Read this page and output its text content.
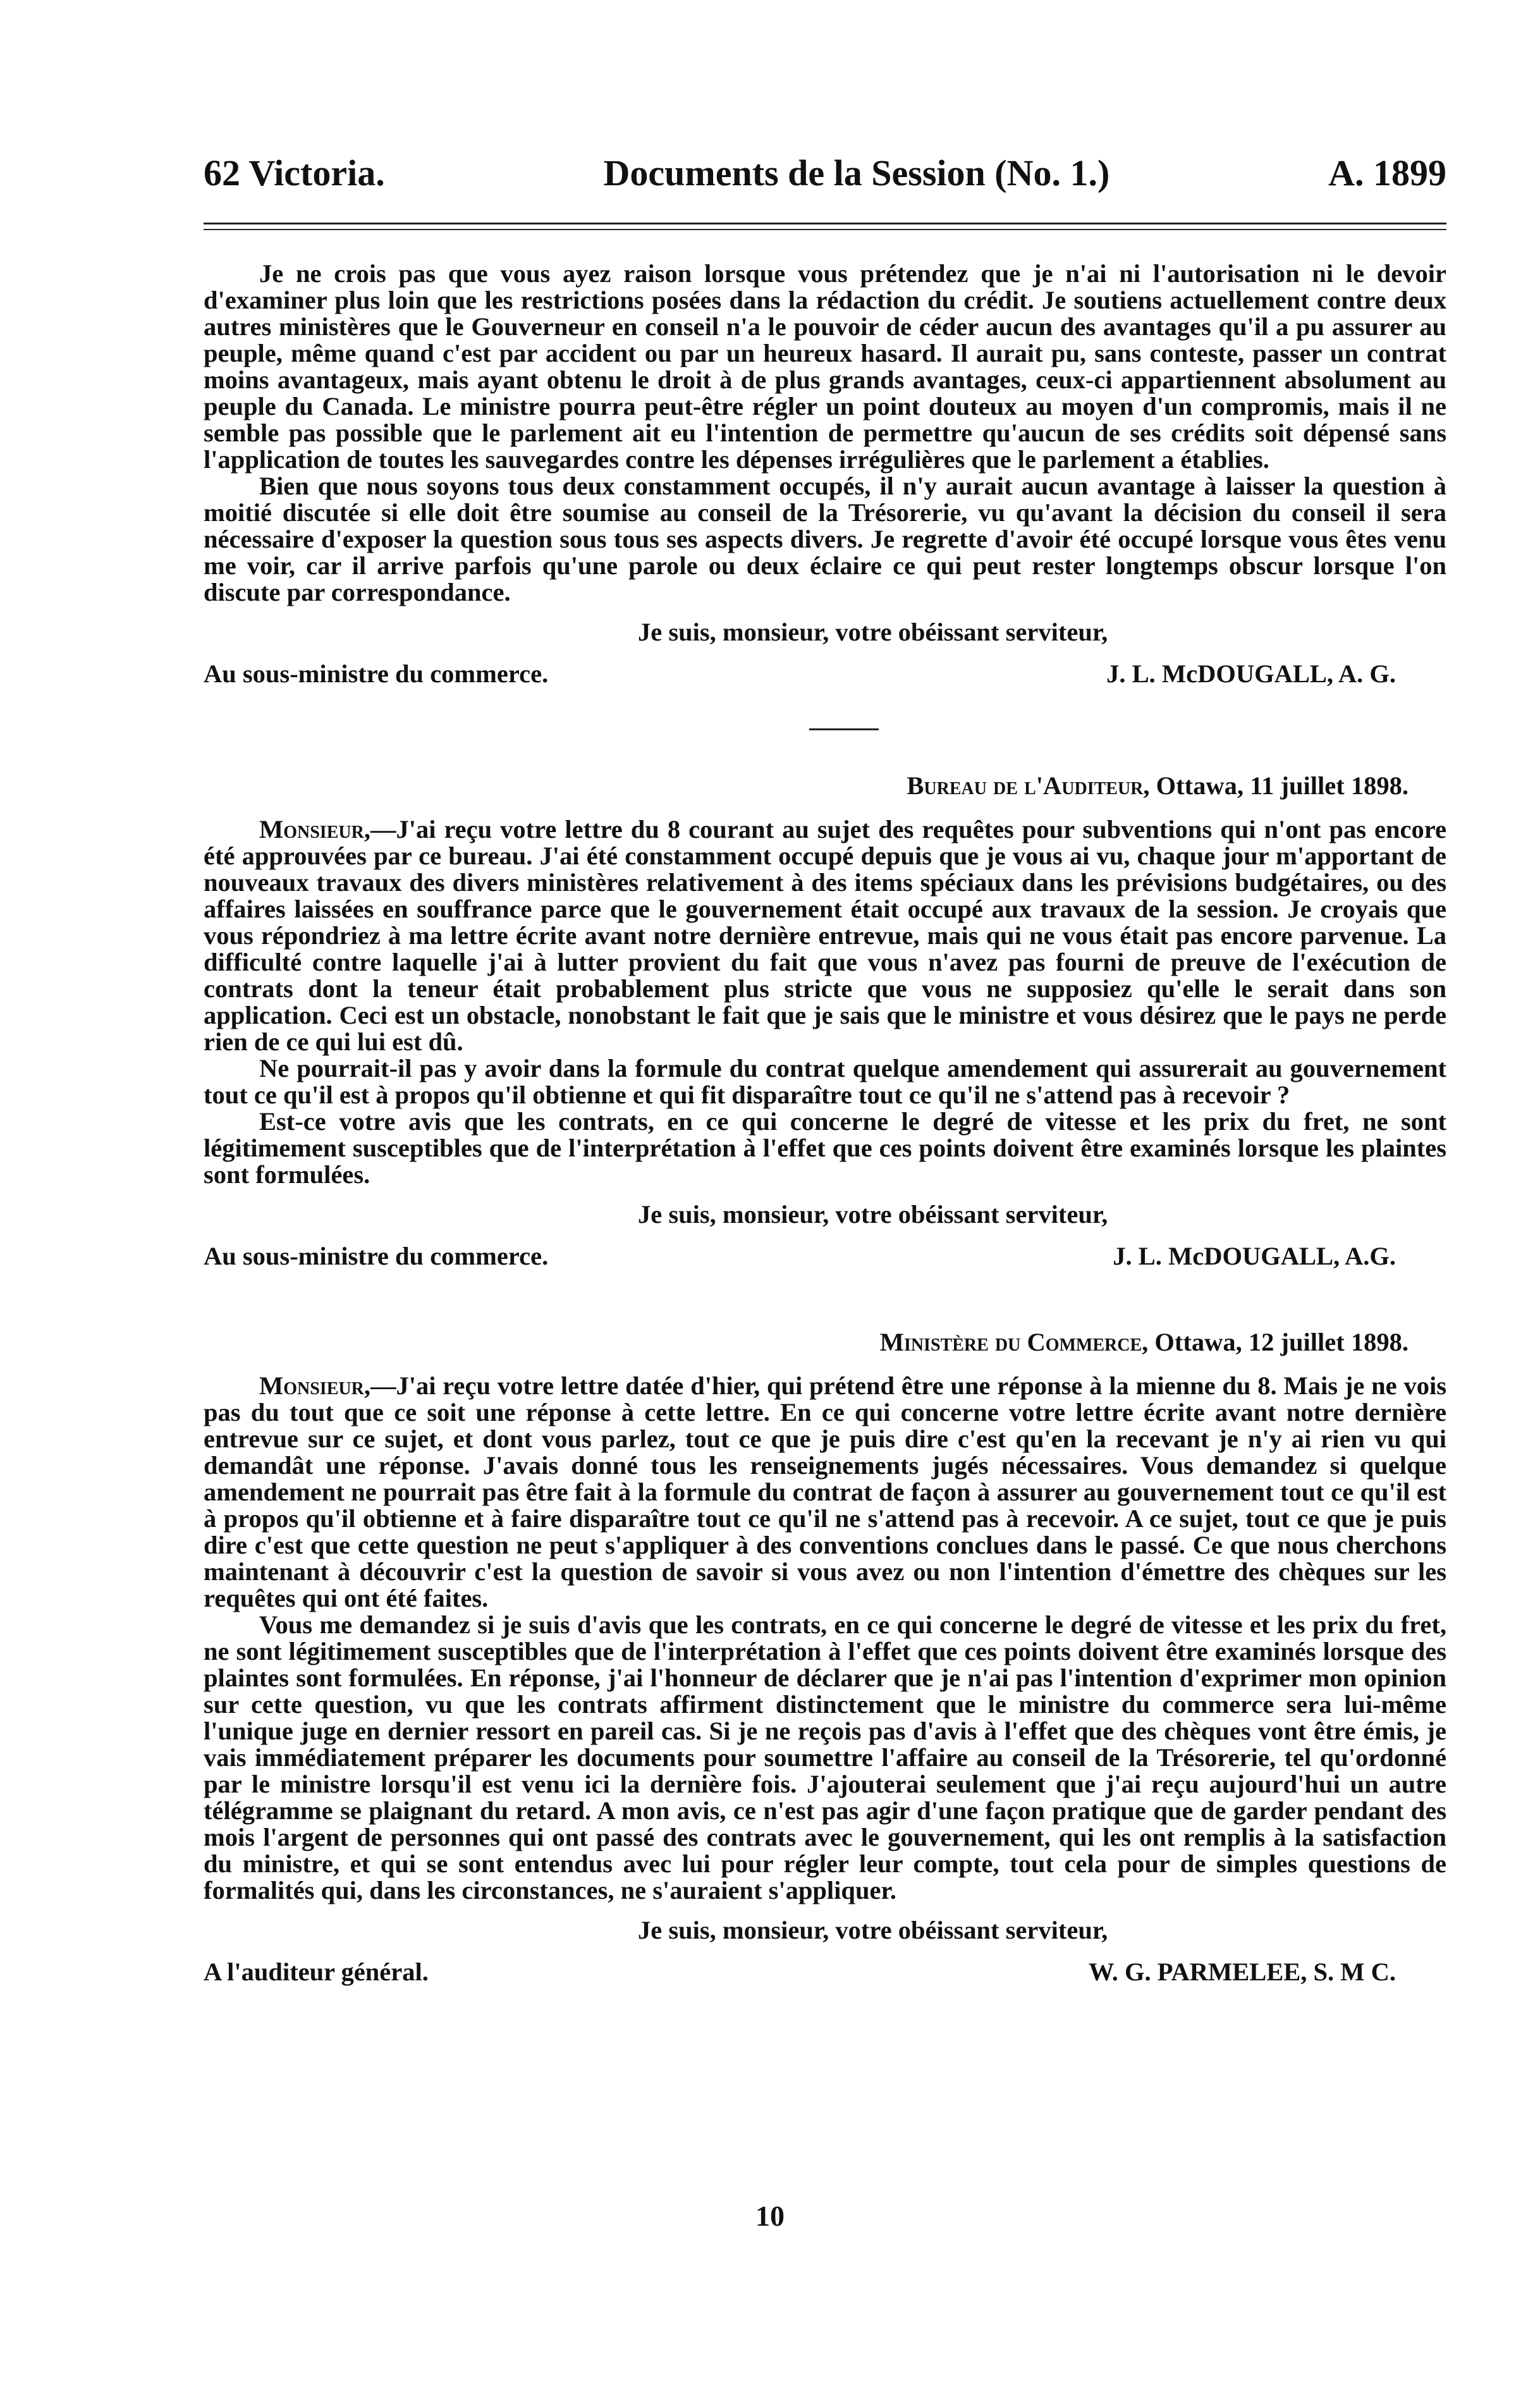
62 Victoria.	Documents de la Session (No. 1.)	A. 1899

Je ne crois pas que vous ayez raison lorsque vous prétendez que je n'ai ni l'autorisation ni le devoir d'examiner plus loin que les restrictions posées dans la rédaction du crédit. Je soutiens actuellement contre deux autres ministères que le Gouverneur en conseil n'a le pouvoir de céder aucun des avantages qu'il a pu assurer au peuple, même quand c'est par accident ou par un heureux hasard. Il aurait pu, sans conteste, passer un contrat moins avantageux, mais ayant obtenu le droit à de plus grands avantages, ceux-ci appartiennent absolument au peuple du Canada. Le ministre pourra peut-être régler un point douteux au moyen d'un compromis, mais il ne semble pas possible que le parlement ait eu l'intention de permettre qu'aucun de ses crédits soit dépensé sans l'application de toutes les sauvegardes contre les dépenses irrégulières que le parlement a établies.

Bien que nous soyons tous deux constamment occupés, il n'y aurait aucun avantage à laisser la question à moitié discutée si elle doit être soumise au conseil de la Trésorerie, vu qu'avant la décision du conseil il sera nécessaire d'exposer la question sous tous ses aspects divers. Je regrette d'avoir été occupé lorsque vous êtes venu me voir, car il arrive parfois qu'une parole ou deux éclaire ce qui peut rester longtemps obscur lorsque l'on discute par correspondance.

Je suis, monsieur, votre obéissant serviteur,
Au sous-ministre du commerce.	J. L. McDOUGALL, A. G.
Bureau de l'Auditeur, Ottawa, 11 juillet 1898.

Monsieur,—J'ai reçu votre lettre du 8 courant au sujet des requêtes pour subventions qui n'ont pas encore été approuvées par ce bureau. J'ai été constamment occupé depuis que je vous ai vu, chaque jour m'apportant de nouveaux travaux des divers ministères relativement à des items spéciaux dans les prévisions budgétaires, ou des affaires laissées en souffrance parce que le gouvernement était occupé aux travaux de la session. Je croyais que vous répondriez à ma lettre écrite avant notre dernière entrevue, mais qui ne vous était pas encore parvenue. La difficulté contre laquelle j'ai à lutter provient du fait que vous n'avez pas fourni de preuve de l'exécution de contrats dont la teneur était probablement plus stricte que vous ne supposiez qu'elle le serait dans son application. Ceci est un obstacle, nonobstant le fait que je sais que le ministre et vous désirez que le pays ne perde rien de ce qui lui est dû.

Ne pourrait-il pas y avoir dans la formule du contrat quelque amendement qui assurerait au gouvernement tout ce qu'il est à propos qu'il obtienne et qui fit disparaître tout ce qu'il ne s'attend pas à recevoir ?

Est-ce votre avis que les contrats, en ce qui concerne le degré de vitesse et les prix du fret, ne sont légitimement susceptibles que de l'interprétation à l'effet que ces points doivent être examinés lorsque les plaintes sont formulées.

Je suis, monsieur, votre obéissant serviteur,
Au sous-ministre du commerce.	J. L. McDOUGALL, A.G.
Ministère du Commerce, Ottawa, 12 juillet 1898.

Monsieur,—J'ai reçu votre lettre datée d'hier, qui prétend être une réponse à la mienne du 8. Mais je ne vois pas du tout que ce soit une réponse à cette lettre. En ce qui concerne votre lettre écrite avant notre dernière entrevue sur ce sujet, et dont vous parlez, tout ce que je puis dire c'est qu'en la recevant je n'y ai rien vu qui demandât une réponse. J'avais donné tous les renseignements jugés nécessaires. Vous demandez si quelque amendement ne pourrait pas être fait à la formule du contrat de façon à assurer au gouvernement tout ce qu'il est à propos qu'il obtienne et à faire disparaître tout ce qu'il ne s'attend pas à recevoir. A ce sujet, tout ce que je puis dire c'est que cette question ne peut s'appliquer à des conventions conclues dans le passé. Ce que nous cherchons maintenant à découvrir c'est la question de savoir si vous avez ou non l'intention d'émettre des chèques sur les requêtes qui ont été faites.

Vous me demandez si je suis d'avis que les contrats, en ce qui concerne le degré de vitesse et les prix du fret, ne sont légitimement susceptibles que de l'interprétation à l'effet que ces points doivent être examinés lorsque des plaintes sont formulées. En réponse, j'ai l'honneur de déclarer que je n'ai pas l'intention d'exprimer mon opinion sur cette question, vu que les contrats affirment distinctement que le ministre du commerce sera lui-même l'unique juge en dernier ressort en pareil cas. Si je ne reçois pas d'avis à l'effet que des chèques vont être émis, je vais immédiatement préparer les documents pour soumettre l'affaire au conseil de la Trésorerie, tel qu'ordonné par le ministre lorsqu'il est venu ici la dernière fois. J'ajouterai seulement que j'ai reçu aujourd'hui un autre télégramme se plaignant du retard. A mon avis, ce n'est pas agir d'une façon pratique que de garder pendant des mois l'argent de personnes qui ont passé des contrats avec le gouvernement, qui les ont remplis à la satisfaction du ministre, et qui se sont entendus avec lui pour régler leur compte, tout cela pour de simples questions de formalités qui, dans les circonstances, ne s'auraient s'appliquer.

Je suis, monsieur, votre obéissant serviteur,
A l'auditeur général.	W. G. PARMELEE, S. M C.
10
